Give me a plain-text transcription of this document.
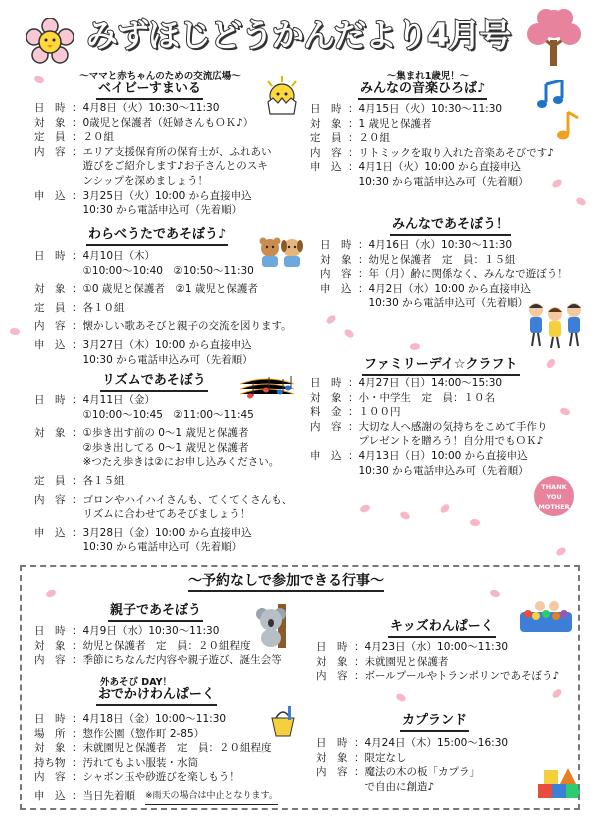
THANK YOU MOTHER
みずほじどうかんだより4月号
～ママと赤ちゃんのための交流広場～
ベイビーすまいる
日　時 ： 4月8日（火）10:30～11:30
対　象 ： 0歳児と保護者（妊婦さんもＯＫ♪）
定　員 ： ２０組
内　容 ： エリア支援保育所の保育士が、ふれあい

遊びをご紹介します♪お子さんとのスキ

ンシップを深めましょう！
申　込 ： 3月25日（火）10:00 から直接申込

10:30 から電話申込可（先着順）
わらべうたであそぼう♪
日　時 ： 4月10日（木）

①10:00～10:40　②10:50～11:30
対　象 ： ①0 歳児と保護者　②1 歳児と保護者
定　員 ： 各１０組
内　容 ： 懐かしい歌あそびと親子の交流を図ります。
申　込 ： 3月27日（木）10:00 から直接申込

10:30 から電話申込み可（先着順）
リズムであそぼう
日　時 ： 4月11日（金）

①10:00～10:45　②11:00～11:45
対　象 ： ①歩き出す前の 0～1 歳児と保護者

②歩き出してる 0～1 歳児と保護者

※つたえ歩きは②にお申し込みください。
定　員 ： 各１５組
内　容 ： ゴロンやハイハイさんも、てくてくさんも、

リズムに合わせてあそびましょう！
申　込 ： 3月28日（金）10:00 から直接申込

10:30 から電話申込可（先着順）
～集まれ1歳児！～
みんなの音楽ひろば♪
日　時 ： 4月15日（火）10:30～11:30
対　象 ： 1 歳児と保護者
定　員 ： ２０組
内　容 ： リトミックを取り入れた音楽あそびです♪
申　込 ： 4月1日（火）10:00 から直接申込

10:30 から電話申込み可（先着順）
みんなであそぼう！
日　時 ： 4月16日（水）10:30～11:30
対　象 ： 幼児と保護者　定　員：１５組
内　容 ： 年（月）齢に関係なく、みんなで遊ぼう！
申　込 ： 4月2日（水）10:00 から直接申込

10:30 から電話申込可（先着順）
ファミリーデイ☆クラフト
日　時 ： 4月27日（日）14:00～15:30
対　象 ： 小・中学生　定　員：１０名
料　金 ： １００円
内　容 ： 大切な人へ感謝の気持ちをこめて手作り

プレゼントを贈ろう！自分用でもＯＫ♪
申　込 ： 4月13日（日）10:00 から直接申込

10:30 から電話申込み可（先着順）
～予約なしで参加できる行事～
親子であそぼう
日　時 ： 4月9日（水）10:30～11:30
対　象 ： 幼児と保護者　定　員：２０組程度
内　容 ： 季節にちなんだ内容や親子遊び、誕生会等
外あそび DAY！
おでかけわんぱーく
日　時 ： 4月18日（金）10:00～11:30
場　所 ： 惣作公園（惣作町 2-85）
対　象 ： 未就園児と保護者　定　員：２０組程度
持ち物 ： 汚れてもよい服装・水筒
内　容 ： シャボン玉や砂遊びを楽しもう！
申　込 ： 当日先着順 ※雨天の場合は中止となります。
キッズわんぱーく
日　時 ： 4月23日（水）10:00～11:30
対　象 ： 未就園児と保護者
内　容 ： ボールプールやトランポリンであそぼう♪
カプランド
日　時 ： 4月24日（木）15:00～16:30
対　象 ： 限定なし
内　容 ： 魔法の木の板「カプラ」

で自由に創造♪
